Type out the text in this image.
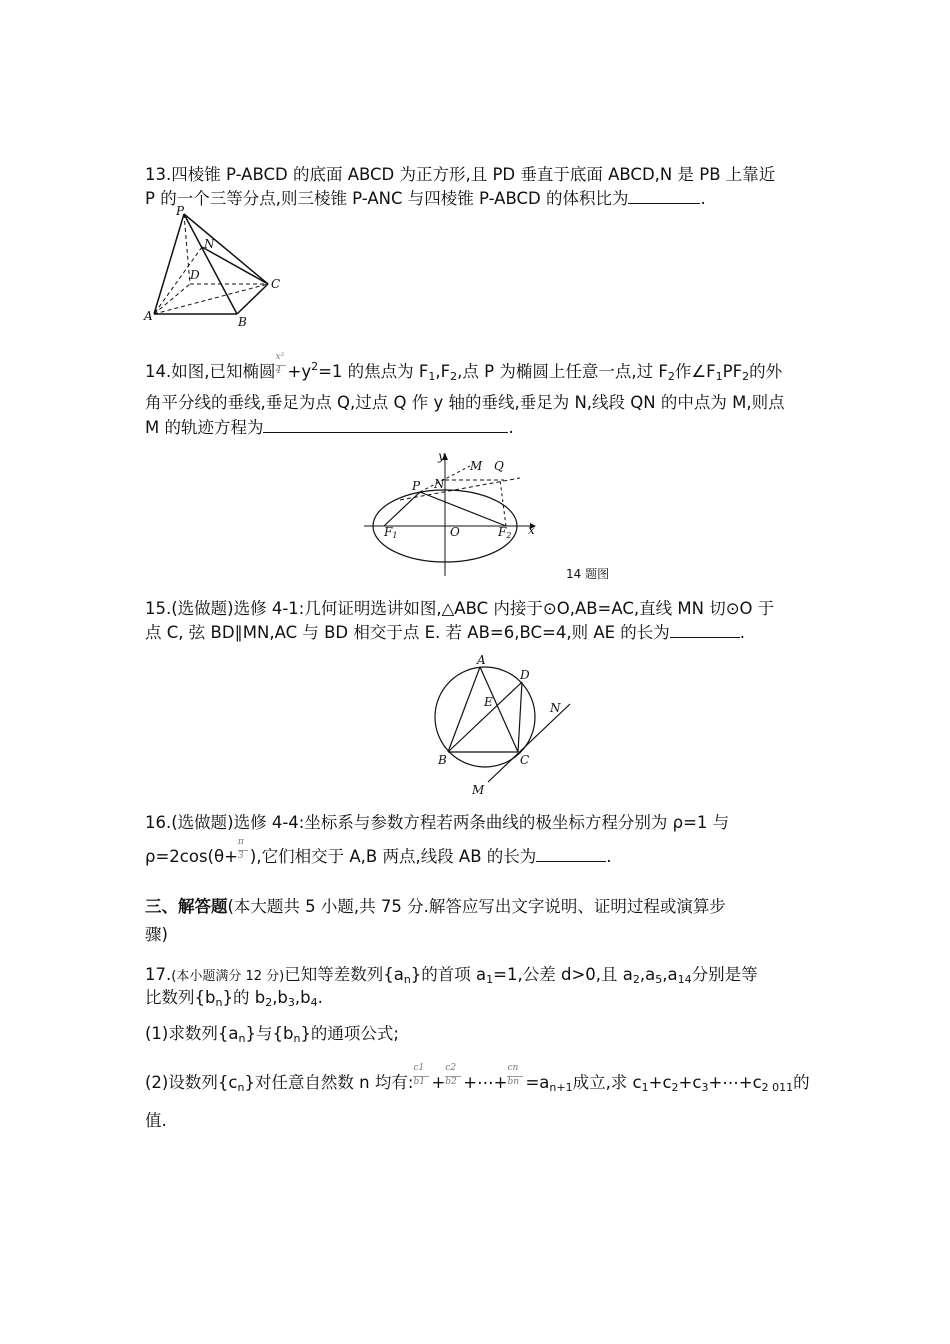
13.四棱锥 P-ABCD 的底面 ABCD 为正方形,且 PD 垂直于底面 ABCD,N 是 PB 上靠近
P 的一个三等分点,则三棱锥 P-ANC 与四棱锥 P-ABCD 的体积比为	.
P
N
D
C
A	B
14.如图,已知椭圆 $\frac{\text{x²}}{4} +y^2=1$ 的焦点为 $F_1,F_2$,点 P 为椭圆上任意一点,过 $F_2$作$\angle F_1PF_2$的外
角平分线的垂线,垂足为点 Q,过点 Q 作 y 轴的垂线,垂足为 N,线段 QN 的中点为 M,则点
M 的轨迹方程为	.
y
M Q
P N
F1	O	F2 x
14 题图
15.(选做题)选修 4-1:几何证明选讲如图,△ABC 内接于⊙O,AB=AC,直线 MN 切⊙O 于
点 C, 弦 BD∥MN,AC 与 BD 相交于点 E. 若 AB=6,BC=4,则 AE 的长为	.
A
D
E	N
B	C
M
16.(选做题)选修 4-4:坐标系与参数方程若两条曲线的极坐标方程分别为 ρ=1 与
$\rho=2\cos(\theta+ \frac{\pi}{3}$ ),它们相交于 A,B 两点,线段 AB 的长为	.
三、解答题(本大题共 5 小题,共 75 分.解答应写出文字说明、证明过程或演算步
骤)
17.(本小题满分 12 分)已知等差数列$\{a_n\}$的首项 $a_1=1$,公差 d>0,且 $a_2,a_5,a_{14}$分别是等
比数列$\{b_n\}$的 $b_2,b_3,b_4$.
(1)求数列$\{a_n\}$与$\{b_n\}$的通项公式;
(2)设数列$\{c_n\}$对任意自然数 n 均有: $\frac{c1}{b1} + \frac{c2}{b2}$ +⋯+ $\frac{cn}{bn} =a_{n+1}$成立,求 $c_1+c_2+c_3+\cdots+c_{2 011}$的
值.
